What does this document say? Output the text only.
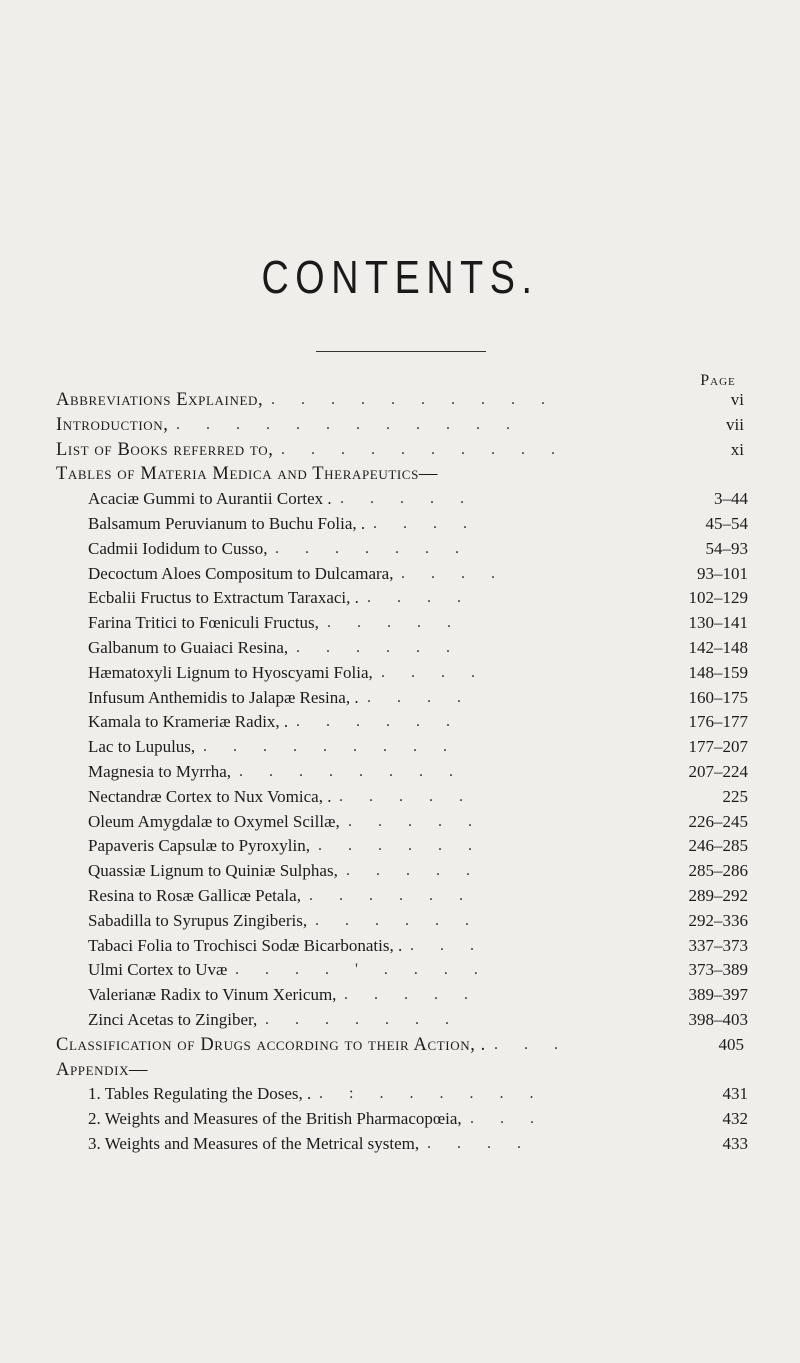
CONTENTS.
Page
Abbreviations Explained, . . . . . . . . . .	vi
Introduction, . . . . . . . . . . . .	vii
List of Books referred to, . . . . . . . . . .	xi
Tables of Materia Medica and Therapeutics—
Acaciæ Gummi to Aurantii Cortex . . . . . .	3–44
Balsamum Peruvianum to Buchu Folia, . . . . .	45–54
Cadmii Iodidum to Cusso, . . . . . . .	54–93
Decoctum Aloes Compositum to Dulcamara, . . . .	93–101
Ecbalii Fructus to Extractum Taraxaci, . . . . .	102–129
Farina Tritici to Fœniculi Fructus, . . . . .	130–141
Galbanum to Guaiaci Resina, . . . . . .	142–148
Hæmatoxyli Lignum to Hyoscyami Folia, . . . .	148–159
Infusum Anthemidis to Jalapæ Resina, . . . . .	160–175
Kamala to Krameriæ Radix, . . . . . . .	176–177
Lac to Lupulus, . . . . . . . . .	177–207
Magnesia to Myrrha, . . . . . . . .	207–224
Nectandræ Cortex to Nux Vomica, . . . . . .	225
Oleum Amygdalæ to Oxymel Scillæ, . . . . .	226–245
Papaveris Capsulæ to Pyroxylin, . . . . . .	246–285
Quassiæ Lignum to Quiniæ Sulphas, . . . . .	285–286
Resina to Rosæ Gallicæ Petala, . . . . . .	289–292
Sabadilla to Syrupus Zingiberis, . . . . . .	292–336
Tabaci Folia to Trochisci Sodæ Bicarbonatis, . . . .	337–373
Ulmi Cortex to Uvæ . . . . ' . . . .	373–389
Valerianæ Radix to Vinum Xericum, . . . . .	389–397
Zinci Acetas to Zingiber, . . . . . . .	398–403
Classification of Drugs according to their Action, . . . .	405
Appendix—
1. Tables Regulating the Doses, . . : . . . . . .	431
2. Weights and Measures of the British Pharmacopœia, . . .	432
3. Weights and Measures of the Metrical system, . . . .	433
